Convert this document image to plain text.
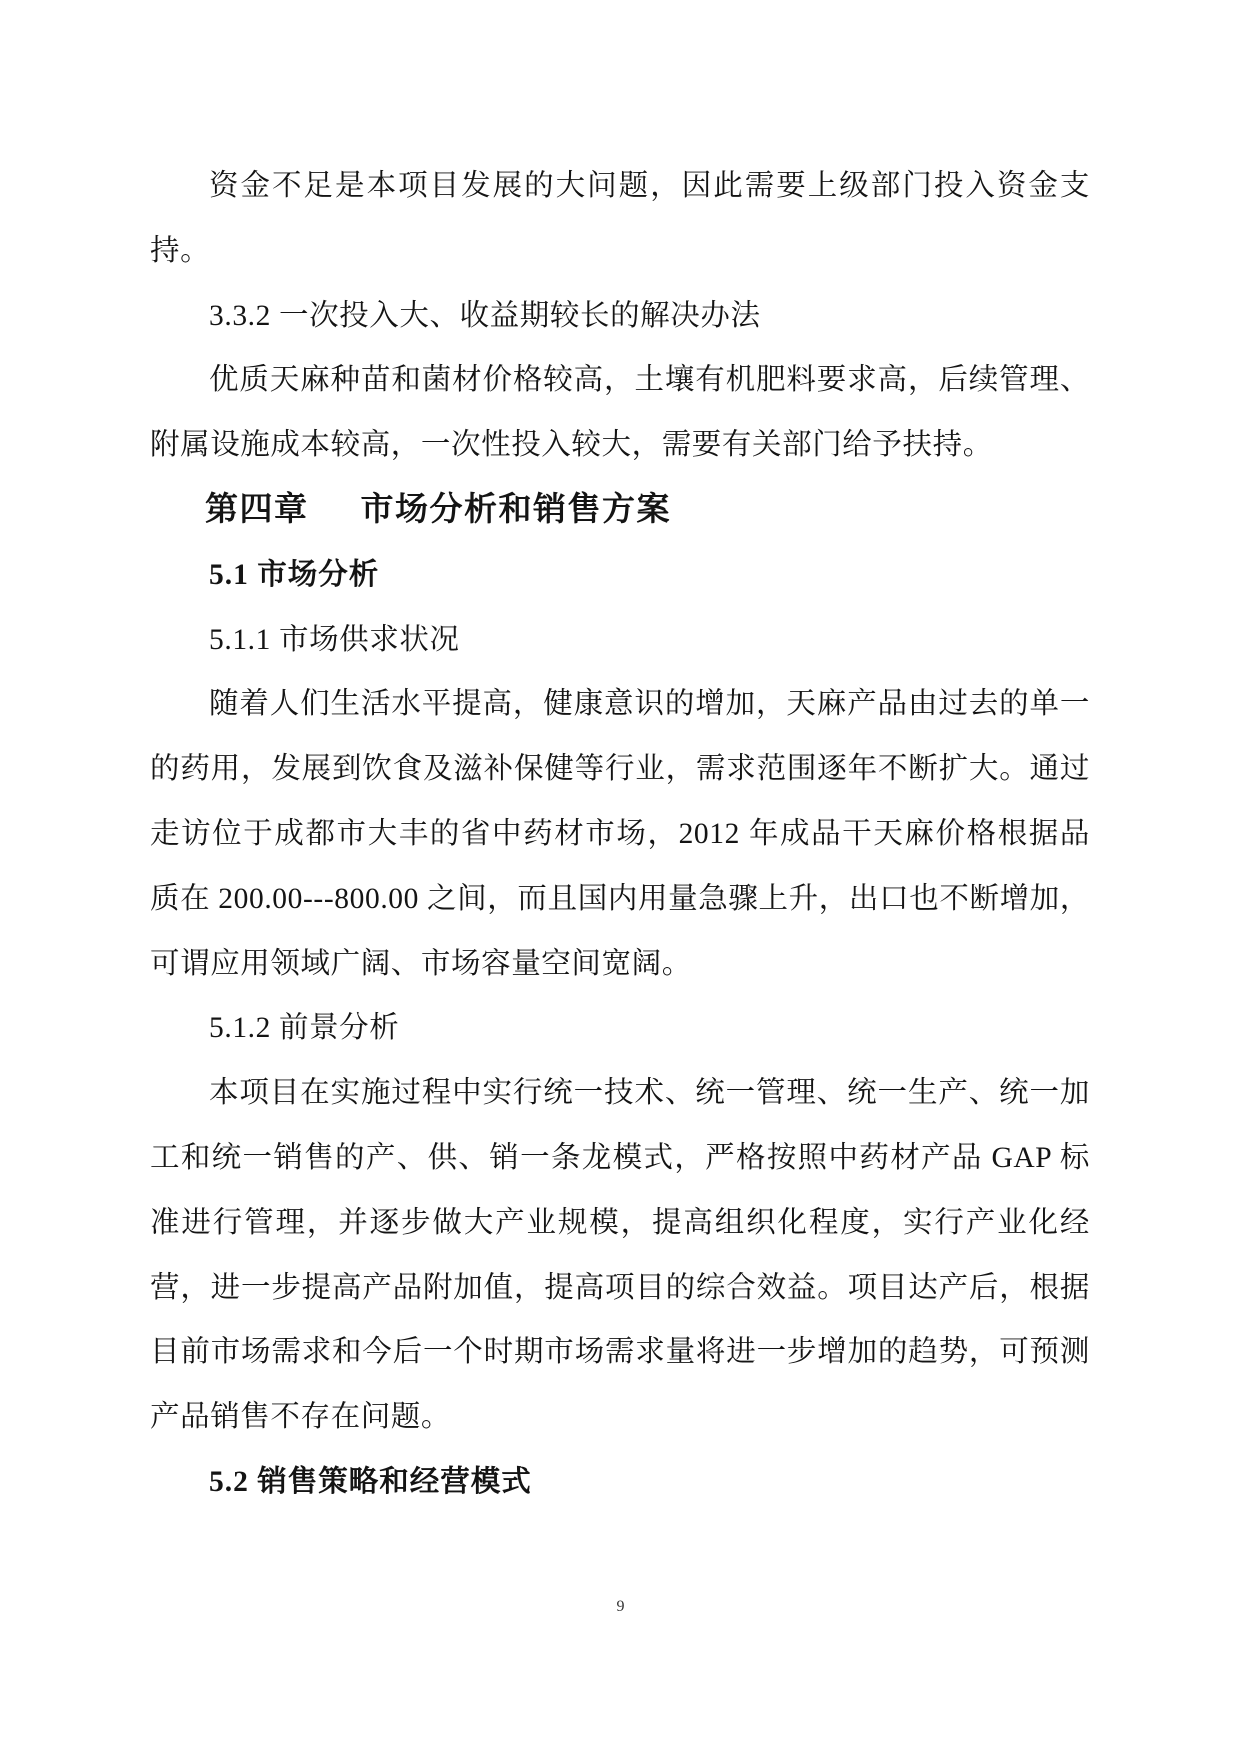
资金不足是本项目发展的大问题，因此需要上级部门投入资金支持。

3.3.2 一次投入大、收益期较长的解决办法

优质天麻种苗和菌材价格较高，土壤有机肥料要求高，后续管理、附属设施成本较高，一次性投入较大，需要有关部门给予扶持。

第四章 市场分析和销售方案

5.1 市场分析

5.1.1 市场供求状况

随着人们生活水平提高，健康意识的增加，天麻产品由过去的单一的药用，发展到饮食及滋补保健等行业，需求范围逐年不断扩大。通过走访位于成都市大丰的省中药材市场，2012 年成品干天麻价格根据品质在 200.00---800.00 之间，而且国内用量急骤上升，出口也不断增加，可谓应用领域广阔、市场容量空间宽阔。

5.1.2 前景分析

本项目在实施过程中实行统一技术、统一管理、统一生产、统一加工和统一销售的产、供、销一条龙模式，严格按照中药材产品 GAP 标准进行管理，并逐步做大产业规模，提高组织化程度，实行产业化经营，进一步提高产品附加值，提高项目的综合效益。项目达产后，根据目前市场需求和今后一个时期市场需求量将进一步增加的趋势，可预测产品销售不存在问题。

5.2 销售策略和经营模式

9
